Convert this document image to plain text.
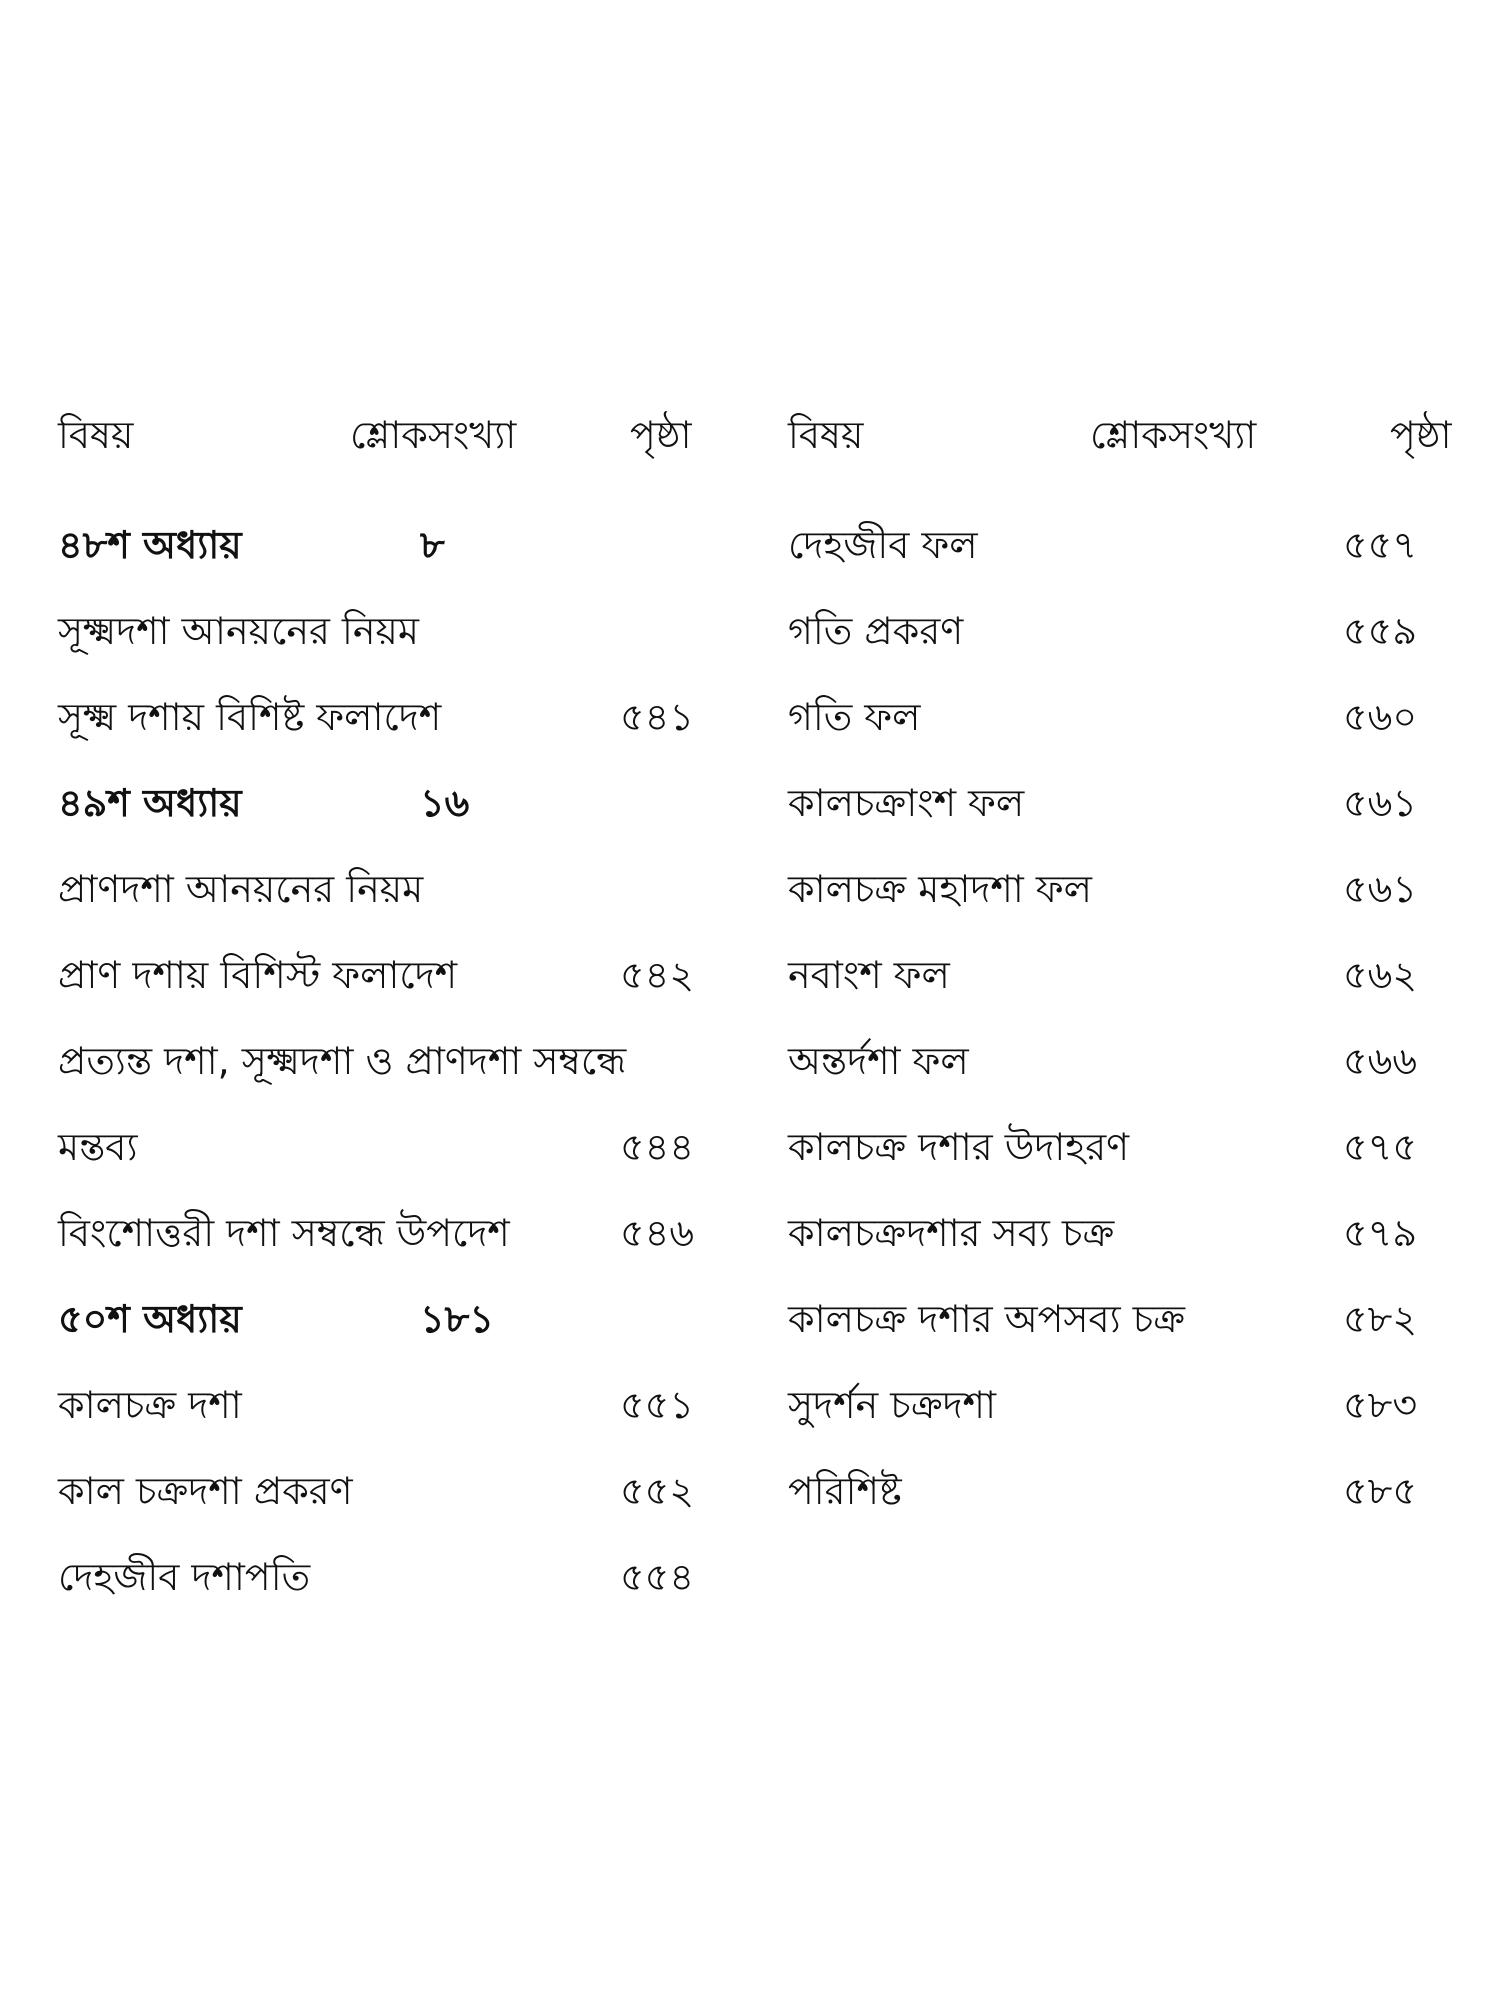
বিষয়	শ্লোকসংখ্যা	পৃষ্ঠা
৪৮শ অধ্যায়	৮
সূক্ষ্মদশা আনয়নের নিয়ম
সূক্ষ্ম দশায় বিশিষ্ট ফলাদেশ	৫৪১
৪৯শ অধ্যায়	১৬
প্রাণদশা আনয়নের নিয়ম
প্রাণ দশায় বিশিস্ট ফলাদেশ	৫৪২
প্রত্যন্ত দশা, সূক্ষ্মদশা ও প্রাণদশা সম্বন্ধে
মন্তব্য	৫৪৪
বিংশোত্তরী দশা সম্বন্ধে উপদেশ	৫৪৬
৫০শ অধ্যায়	১৮১
কালচক্র দশা	৫৫১
কাল চক্রদশা প্রকরণ	৫৫২
দেহজীব দশাপতি	৫৫৪
বিষয়	শ্লোকসংখ্যা	পৃষ্ঠা
দেহজীব ফল	৫৫৭
গতি প্রকরণ	৫৫৯
গতি ফল	৫৬০
কালচক্রাংশ ফল	৫৬১
কালচক্র মহাদশা ফল	৫৬১
নবাংশ ফল	৫৬২
অন্তর্দশা ফল	৫৬৬
কালচক্র দশার উদাহরণ	৫৭৫
কালচক্রদশার সব্য চক্র	৫৭৯
কালচক্র দশার অপসব্য চক্র	৫৮২
সুদর্শন চক্রদশা	৫৮৩
পরিশিষ্ট	৫৮৫
